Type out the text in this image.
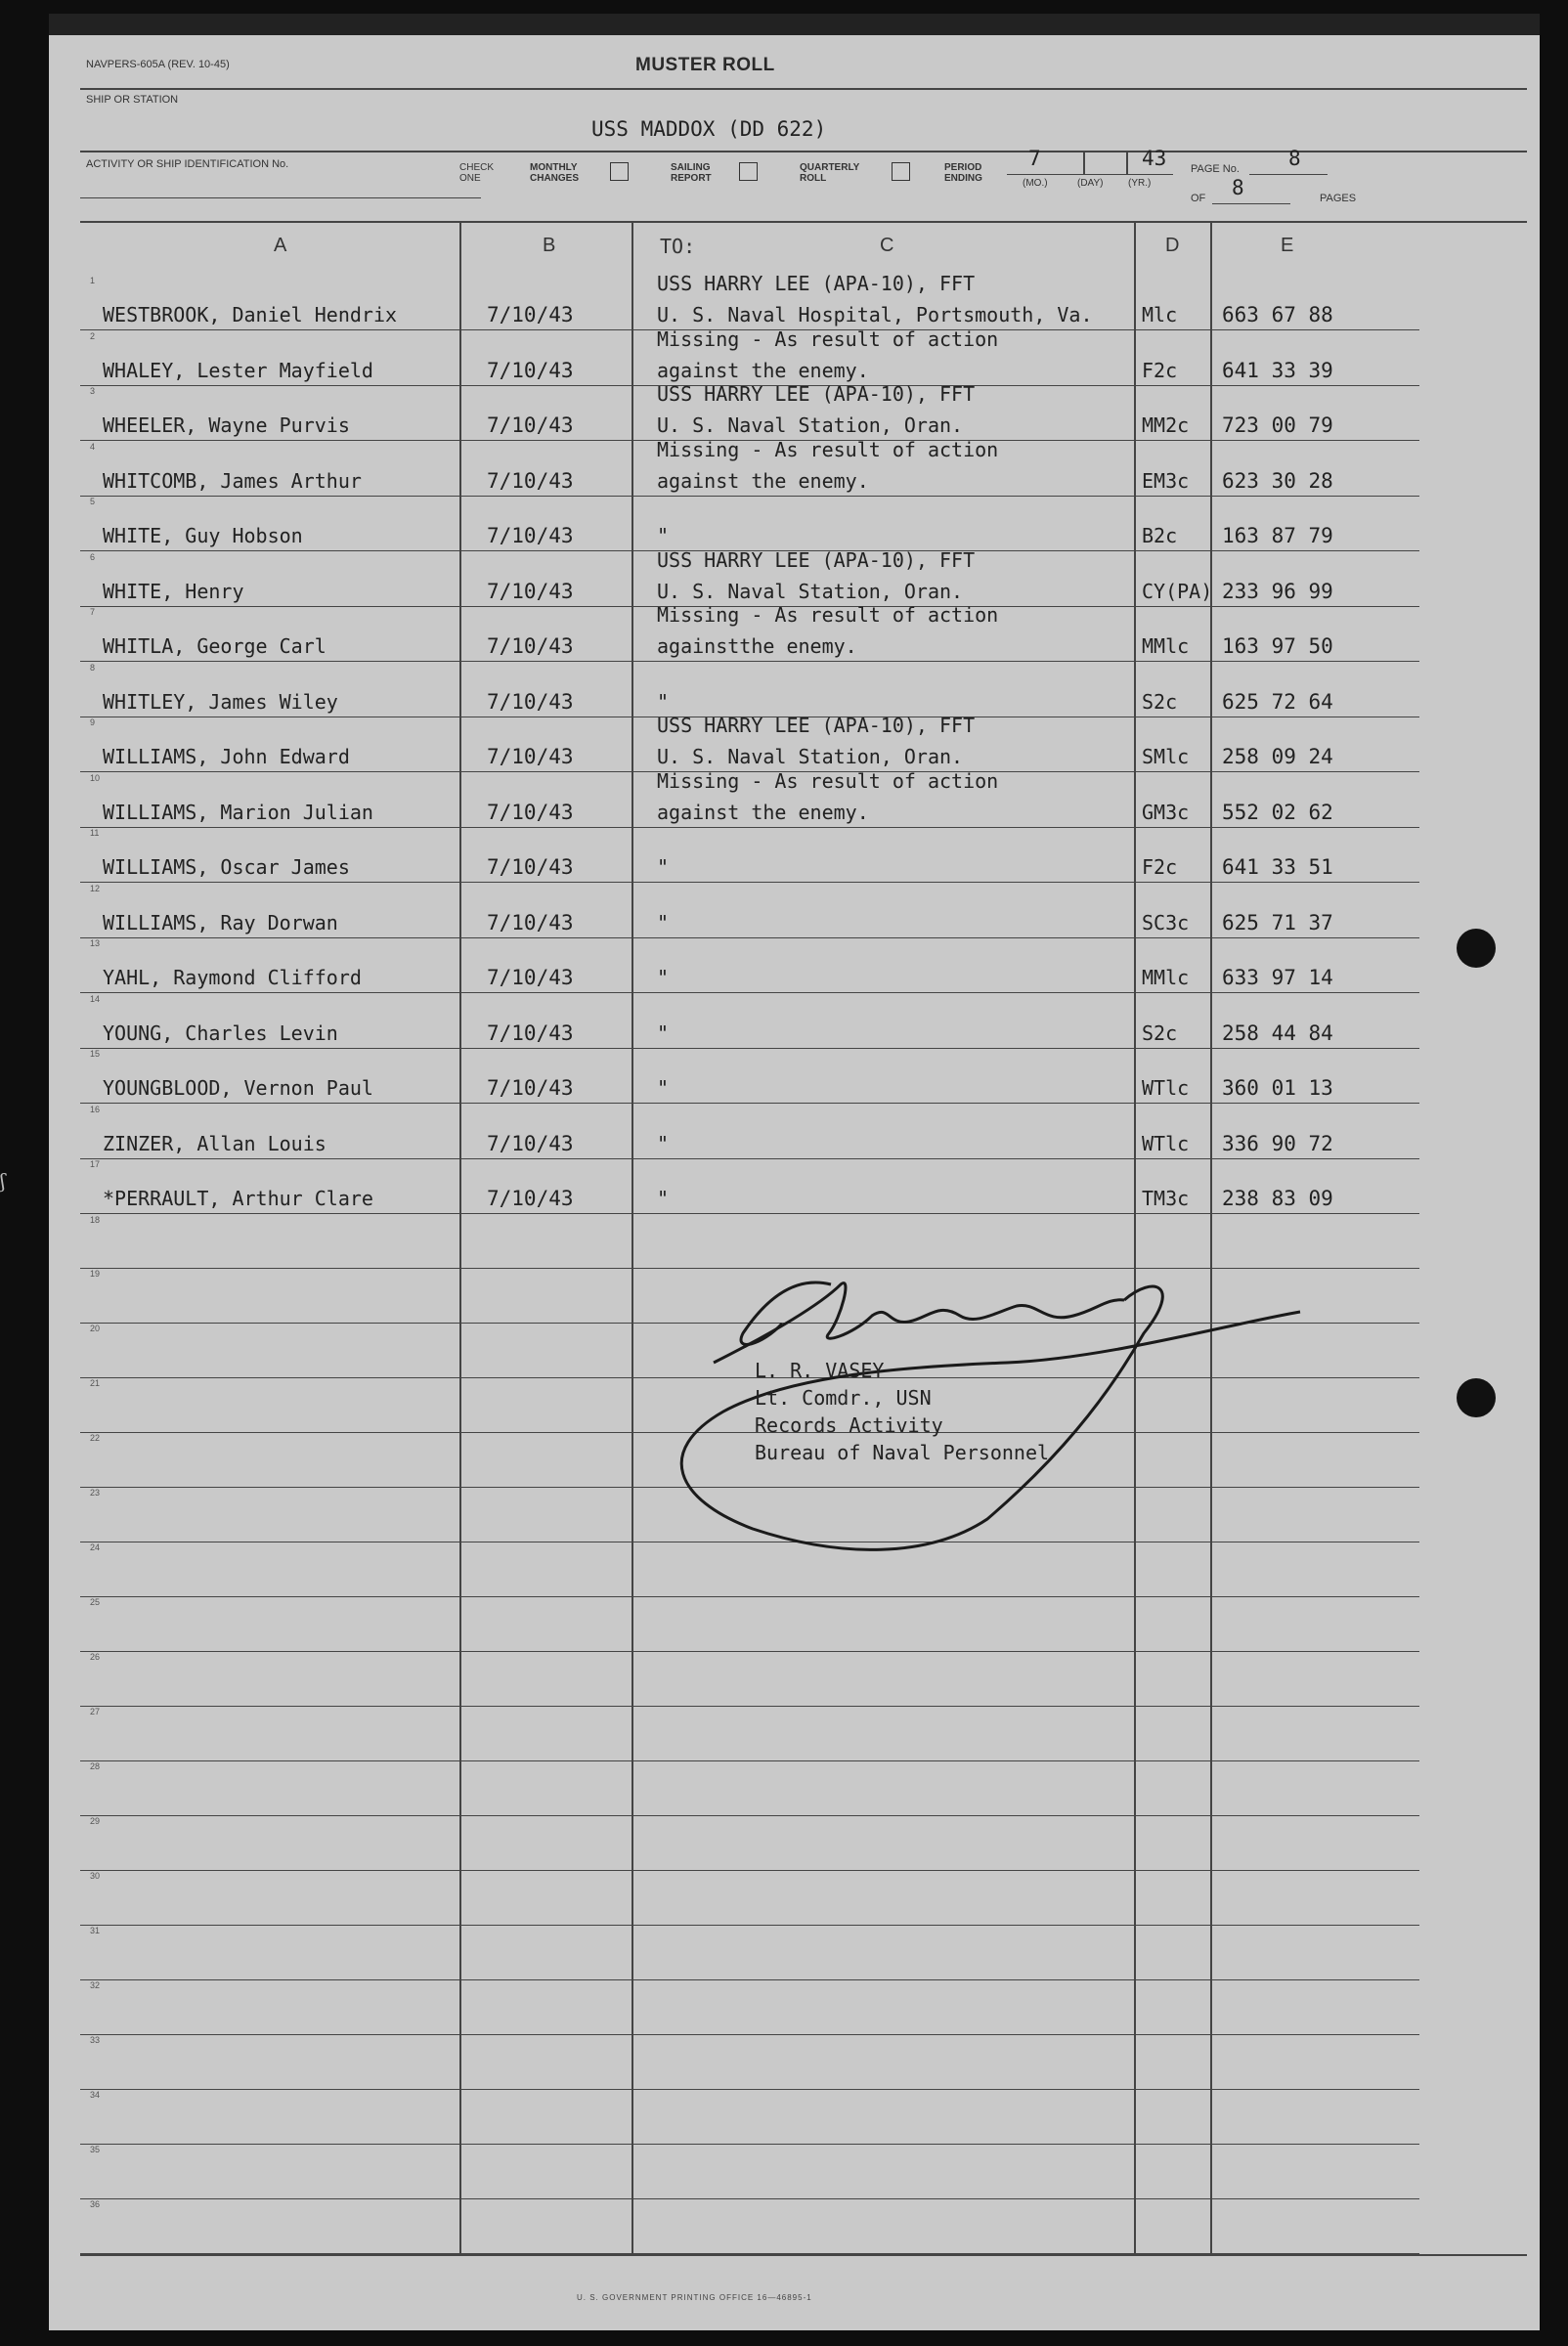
NAVPERS-605A (REV. 10-45)	MUSTER ROLL
SHIP OR STATION
USS MADDOX (DD 622)
ACTIVITY OR SHIP IDENTIFICATION No.	CHECK ONE
MONTHLY CHANGES
SAILING REPORT
QUARTERLY ROLL
PERIOD ENDING
7	43
(MO.)	(DAY)	(YR.)
PAGE No. 8
OF 8	PAGES
A	B	TO:	C	D	E
1
WESTBROOK, Daniel Hendrix	7/10/43
USS HARRY LEE (APA-10), FFT
U. S. Naval Hospital, Portsmouth, Va.	Mlc 663 67 88
2
WHALEY, Lester Mayfield	7/10/43
Missing - As result of action
against the enemy.	F2c 641 33 39
3
WHEELER, Wayne Purvis	7/10/43
USS HARRY LEE (APA-10), FFT
U. S. Naval Station, Oran.	MM2c 723 00 79
4
WHITCOMB, James Arthur	7/10/43
Missing - As result of action
against the enemy.	EM3c 623 30 28
5
WHITE, Guy Hobson	7/10/43	"	B2c 163 87 79
6
WHITE, Henry	7/10/43
USS HARRY LEE (APA-10), FFT
U. S. Naval Station, Oran.	CY(PA) 233 96 99
7
WHITLA, George Carl	7/10/43
Missing - As result of action
againstthe enemy.	MMlc 163 97 50
8
WHITLEY, James Wiley	7/10/43	"	S2c 625 72 64
9
WILLIAMS, John Edward	7/10/43
USS HARRY LEE (APA-10), FFT
U. S. Naval Station, Oran.	SMlc 258 09 24
10
WILLIAMS, Marion Julian	7/10/43
Missing - As result of action
against the enemy.	GM3c 552 02 62
11
WILLIAMS, Oscar James	7/10/43	"	F2c 641 33 51
12
WILLIAMS, Ray Dorwan	7/10/43	"	SC3c 625 71 37
13
YAHL, Raymond Clifford	7/10/43	"	MMlc 633 97 14
14
YOUNG, Charles Levin	7/10/43	"	S2c 258 44 84
15
YOUNGBLOOD, Vernon Paul	7/10/43	"	WTlc 360 01 13
16
ZINZER, Allan Louis	7/10/43	"	WTlc 336 90 72
17
*PERRAULT, Arthur Clare	7/10/43	"	TM3c 238 83 09
18
19
20
21
22
23
24
25
26
27
28
29
30
31
32
33
34
35
36
L. R. VASEY
Lt. Comdr., USN
Records Activity
Bureau of Naval Personnel
U. S. GOVERNMENT PRINTING OFFICE 16—46895-1
ʃ
